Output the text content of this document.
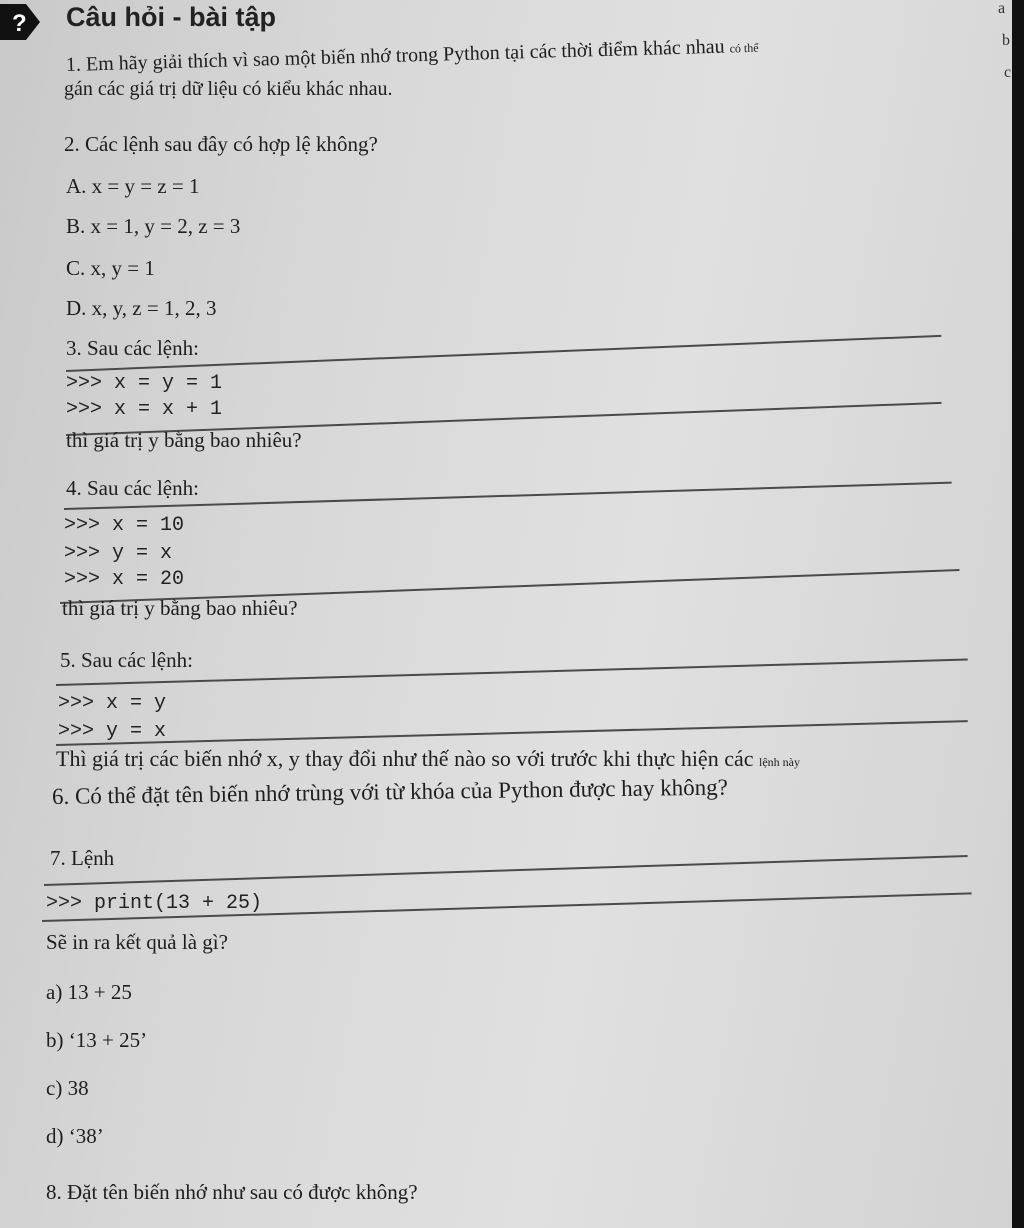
? Câu hỏi - bài tập	a
b
c
1. Em hãy giải thích vì sao một biến nhớ trong Python tại các thời điểm khác nhau có thể
gán các giá trị dữ liệu có kiểu khác nhau.
2. Các lệnh sau đây có hợp lệ không?
A. x = y = z = 1
B. x = 1, y = 2, z = 3
C. x, y = 1
D. x, y, z = 1, 2, 3
3. Sau các lệnh:
>>> x = y = 1
>>> x = x + 1
thì giá trị y bằng bao nhiêu?
4. Sau các lệnh:
>>> x = 10
>>> y = x
>>> x = 20
thì giá trị y bằng bao nhiêu?
5. Sau các lệnh:
>>> x = y
>>> y = x
Thì giá trị các biến nhớ x, y thay đổi như thế nào so với trước khi thực hiện các lệnh này
6. Có thể đặt tên biến nhớ trùng với từ khóa của Python được hay không?
7. Lệnh
>>> print(13 + 25)
Sẽ in ra kết quả là gì?
a) 13 + 25
b) ‘13 + 25’
c) 38
d) ‘38’
8. Đặt tên biến nhớ như sau có được không?
